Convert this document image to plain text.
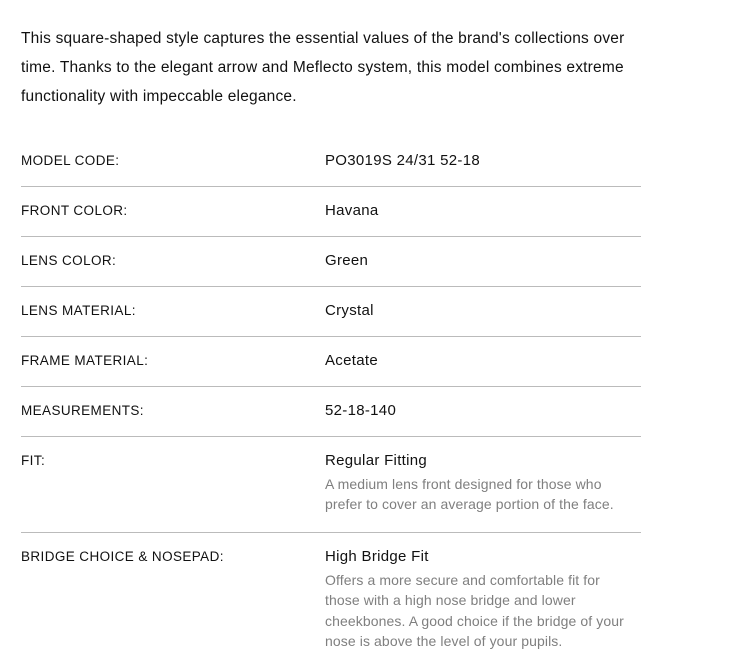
This square-shaped style captures the essential values of the brand's collections over time. Thanks to the elegant arrow and Meflecto system, this model combines extreme functionality with impeccable elegance.

MODEL CODE:	PO3019S 24/31 52-18
FRONT COLOR:	Havana
LENS COLOR:	Green
LENS MATERIAL:	Crystal
FRAME MATERIAL:	Acetate
MEASUREMENTS:	52-18-140
FIT:	Regular Fitting
A medium lens front designed for those who prefer to cover an average portion of the face.
BRIDGE CHOICE & NOSEPAD:	High Bridge Fit
Offers a more secure and comfortable fit for those with a high nose bridge and lower cheekbones. A good choice if the bridge of your nose is above the level of your pupils.
